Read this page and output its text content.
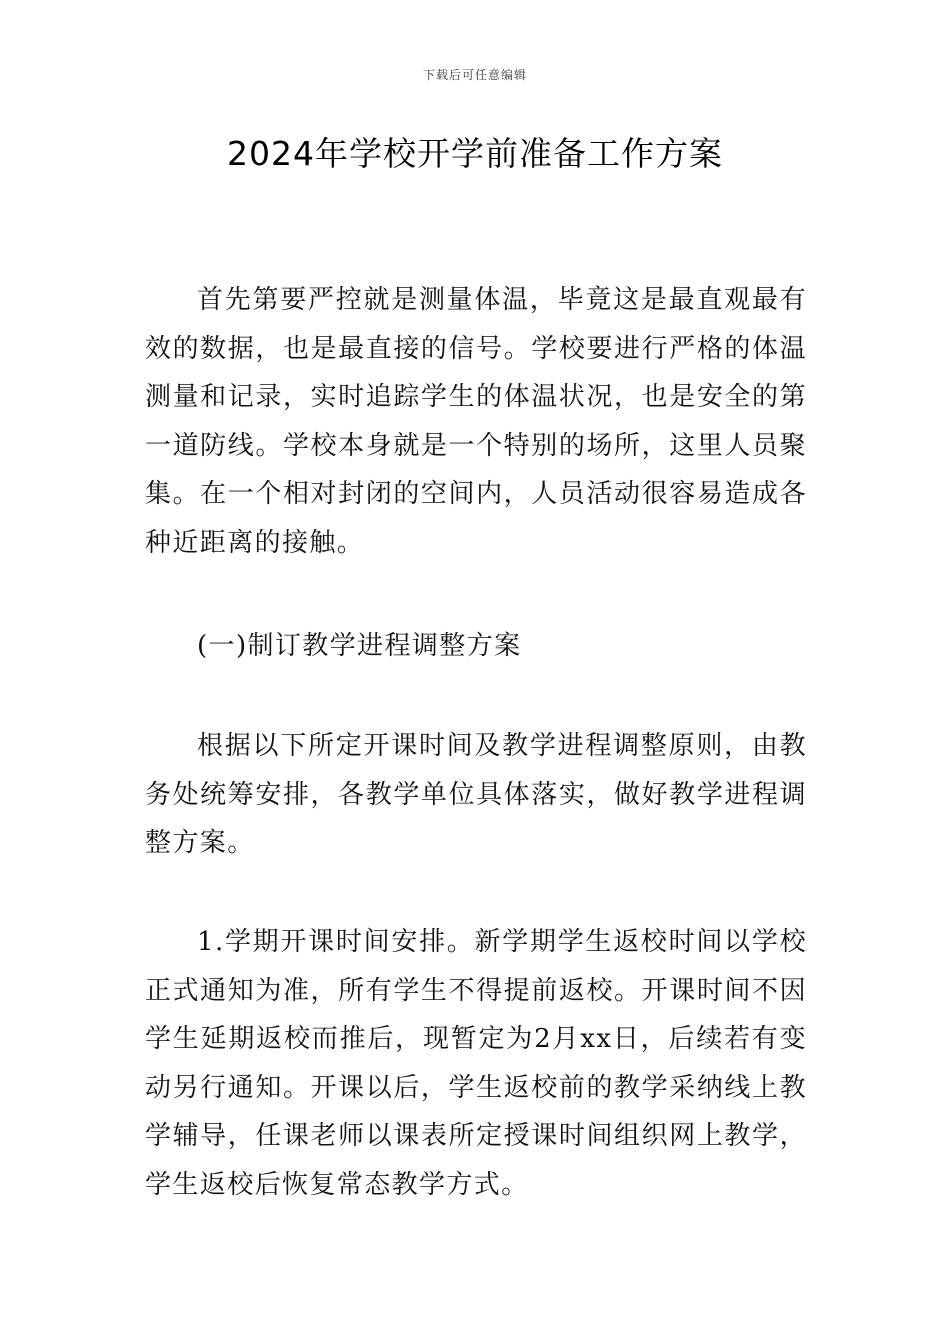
下载后可任意编辑
2024年学校开学前准备工作方案

首先第要严控就是测量体温，毕竟这是最直观最有效的数据，也是最直接的信号。学校要进行严格的体温测量和记录，实时追踪学生的体温状况，也是安全的第一道防线。学校本身就是一个特别的场所，这里人员聚集。在一个相对封闭的空间内，人员活动很容易造成各种近距离的接触。

(一)制订教学进程调整方案

根据以下所定开课时间及教学进程调整原则，由教务处统筹安排，各教学单位具体落实，做好教学进程调整方案。

1.学期开课时间安排。新学期学生返校时间以学校正式通知为准，所有学生不得提前返校。开课时间不因学生延期返校而推后，现暂定为2月xx日，后续若有变动另行通知。开课以后，学生返校前的教学采纳线上教学辅导，任课老师以课表所定授课时间组织网上教学，学生返校后恢复常态教学方式。
